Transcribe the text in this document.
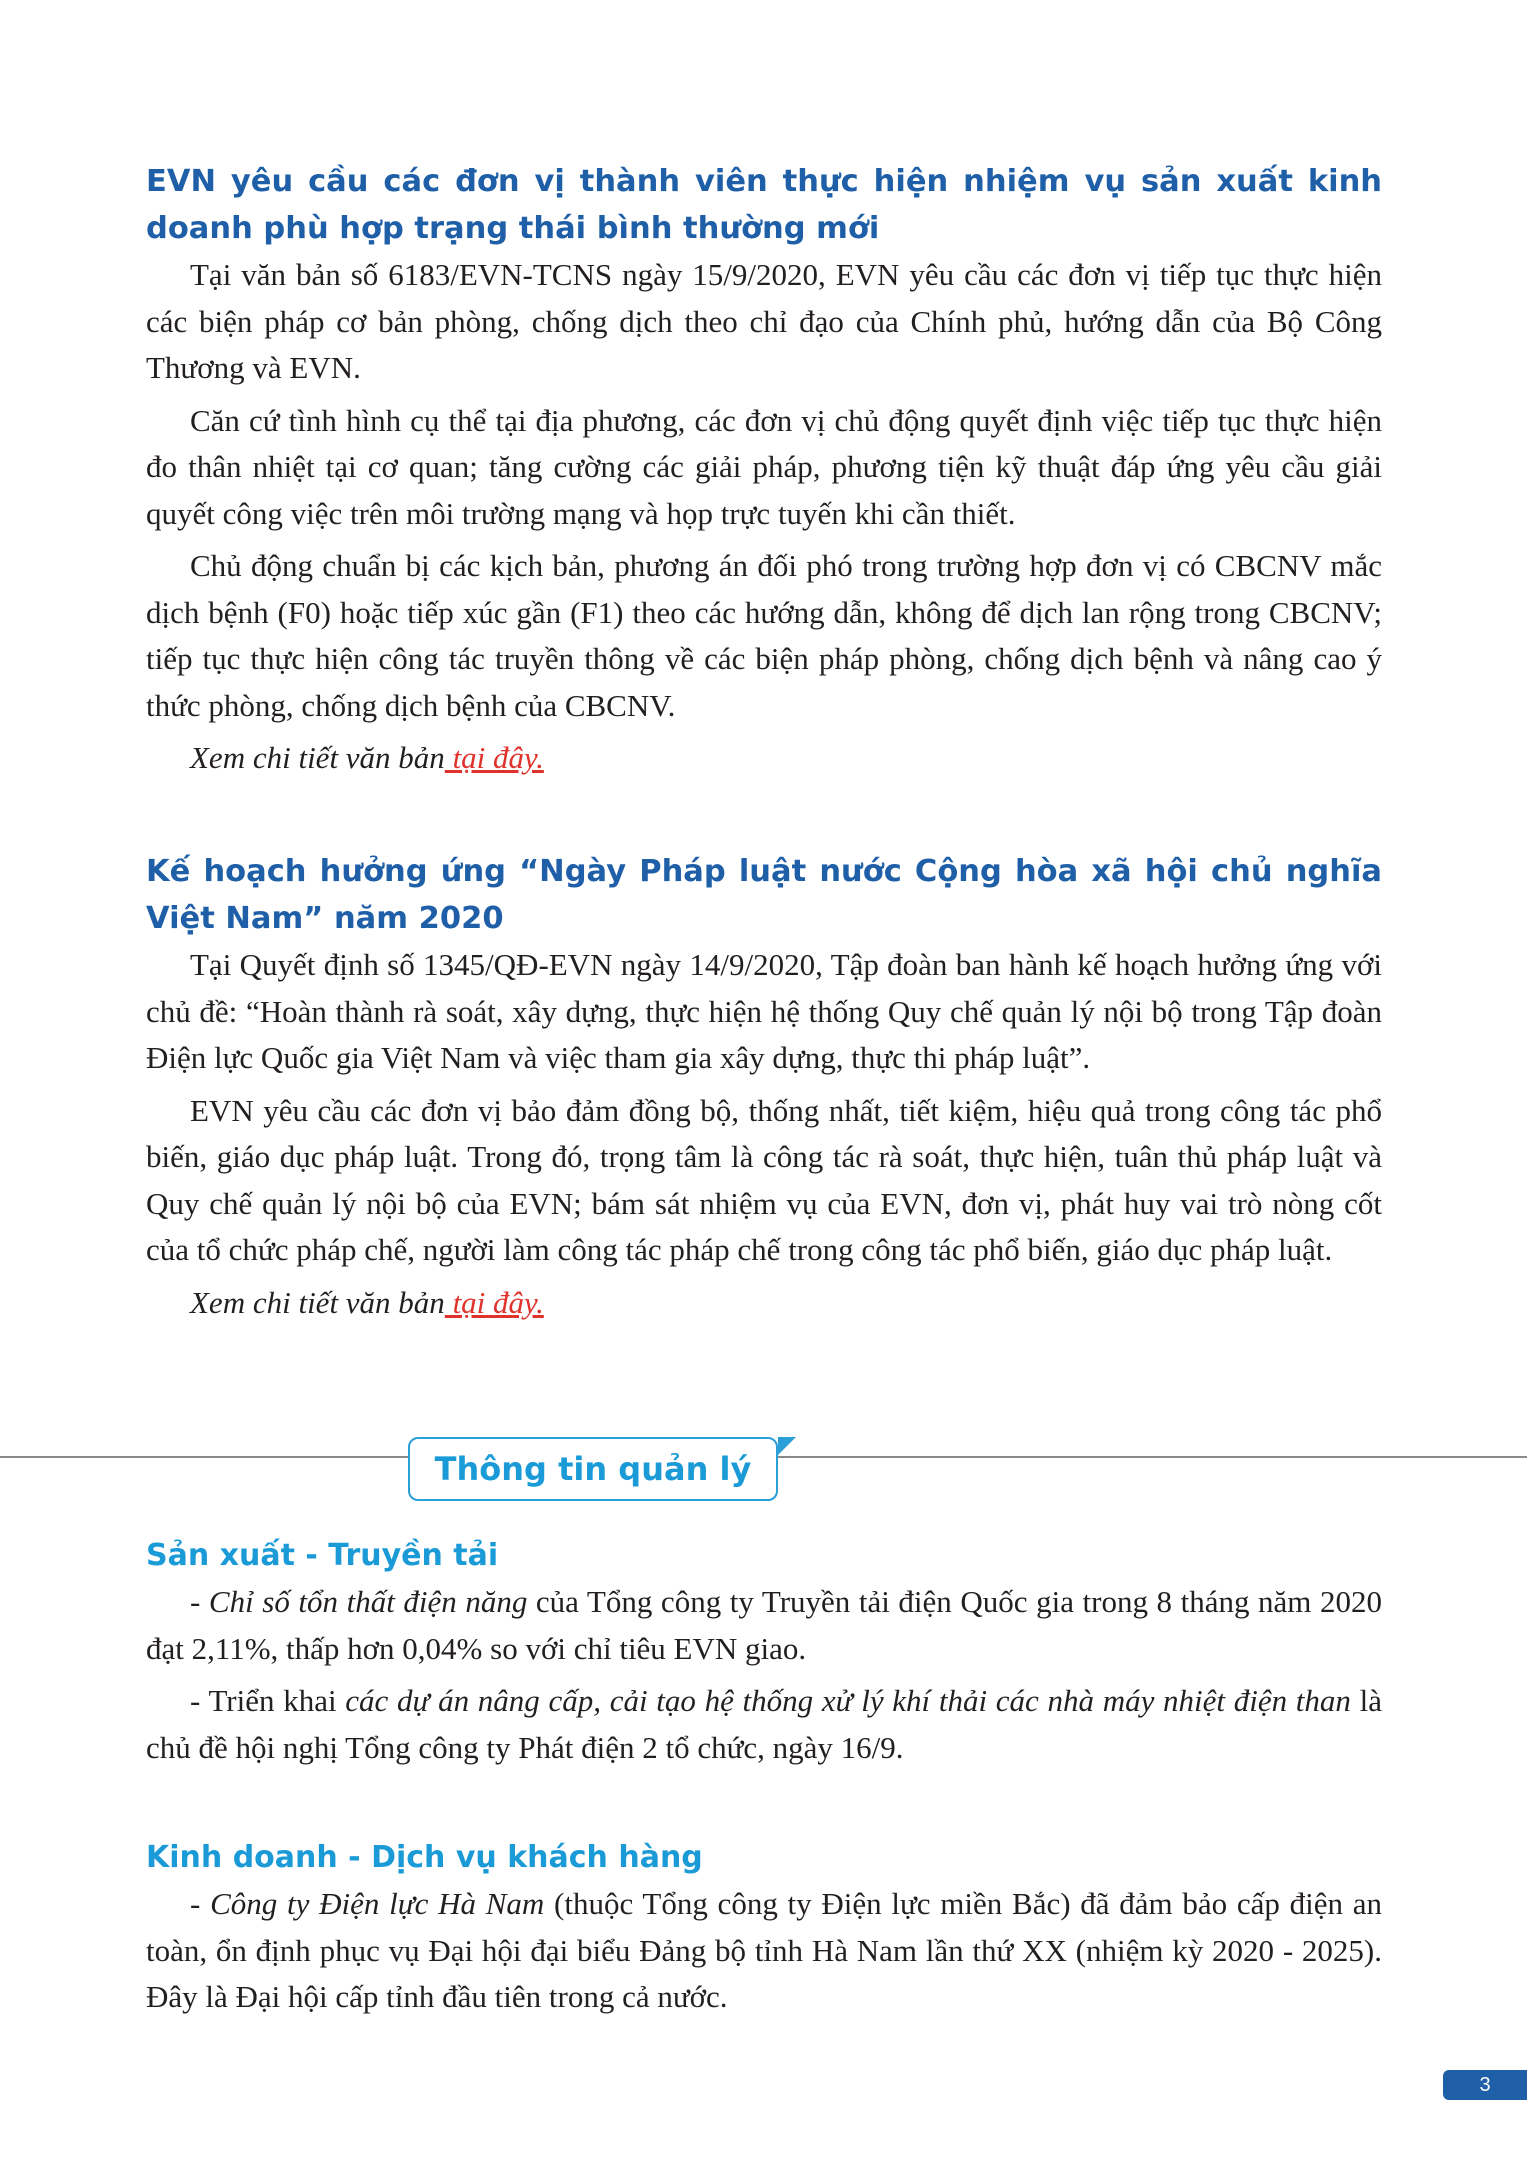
EVN yêu cầu các đơn vị thành viên thực hiện nhiệm vụ sản xuất kinh doanh phù hợp trạng thái bình thường mới

Tại văn bản số 6183/EVN-TCNS ngày 15/9/2020, EVN yêu cầu các đơn vị tiếp tục thực hiện các biện pháp cơ bản phòng, chống dịch theo chỉ đạo của Chính phủ, hướng dẫn của Bộ Công Thương và EVN.

Căn cứ tình hình cụ thể tại địa phương, các đơn vị chủ động quyết định việc tiếp tục thực hiện đo thân nhiệt tại cơ quan; tăng cường các giải pháp, phương tiện kỹ thuật đáp ứng yêu cầu giải quyết công việc trên môi trường mạng và họp trực tuyến khi cần thiết.

Chủ động chuẩn bị các kịch bản, phương án đối phó trong trường hợp đơn vị có CBCNV mắc dịch bệnh (F0) hoặc tiếp xúc gần (F1) theo các hướng dẫn, không để dịch lan rộng trong CBCNV; tiếp tục thực hiện công tác truyền thông về các biện pháp phòng, chống dịch bệnh và nâng cao ý thức phòng, chống dịch bệnh của CBCNV.

Xem chi tiết văn bản tại đây.

Kế hoạch hưởng ứng “Ngày Pháp luật nước Cộng hòa xã hội chủ nghĩa Việt Nam” năm 2020

Tại Quyết định số 1345/QĐ-EVN ngày 14/9/2020, Tập đoàn ban hành kế hoạch hưởng ứng với chủ đề: “Hoàn thành rà soát, xây dựng, thực hiện hệ thống Quy chế quản lý nội bộ trong Tập đoàn Điện lực Quốc gia Việt Nam và việc tham gia xây dựng, thực thi pháp luật”.

EVN yêu cầu các đơn vị bảo đảm đồng bộ, thống nhất, tiết kiệm, hiệu quả trong công tác phổ biến, giáo dục pháp luật. Trong đó, trọng tâm là công tác rà soát, thực hiện, tuân thủ pháp luật và Quy chế quản lý nội bộ của EVN; bám sát nhiệm vụ của EVN, đơn vị, phát huy vai trò nòng cốt của tổ chức pháp chế, người làm công tác pháp chế trong công tác phổ biến, giáo dục pháp luật.

Xem chi tiết văn bản tại đây.

Thông tin quản lý
Sản xuất - Truyền tải

- Chỉ số tổn thất điện năng của Tổng công ty Truyền tải điện Quốc gia trong 8 tháng năm 2020 đạt 2,11%, thấp hơn 0,04% so với chỉ tiêu EVN giao.

- Triển khai các dự án nâng cấp, cải tạo hệ thống xử lý khí thải các nhà máy nhiệt điện than là chủ đề hội nghị Tổng công ty Phát điện 2 tổ chức, ngày 16/9.

Kinh doanh - Dịch vụ khách hàng

- Công ty Điện lực Hà Nam (thuộc Tổng công ty Điện lực miền Bắc) đã đảm bảo cấp điện an toàn, ổn định phục vụ Đại hội đại biểu Đảng bộ tỉnh Hà Nam lần thứ XX (nhiệm kỳ 2020 - 2025). Đây là Đại hội cấp tỉnh đầu tiên trong cả nước.

3
